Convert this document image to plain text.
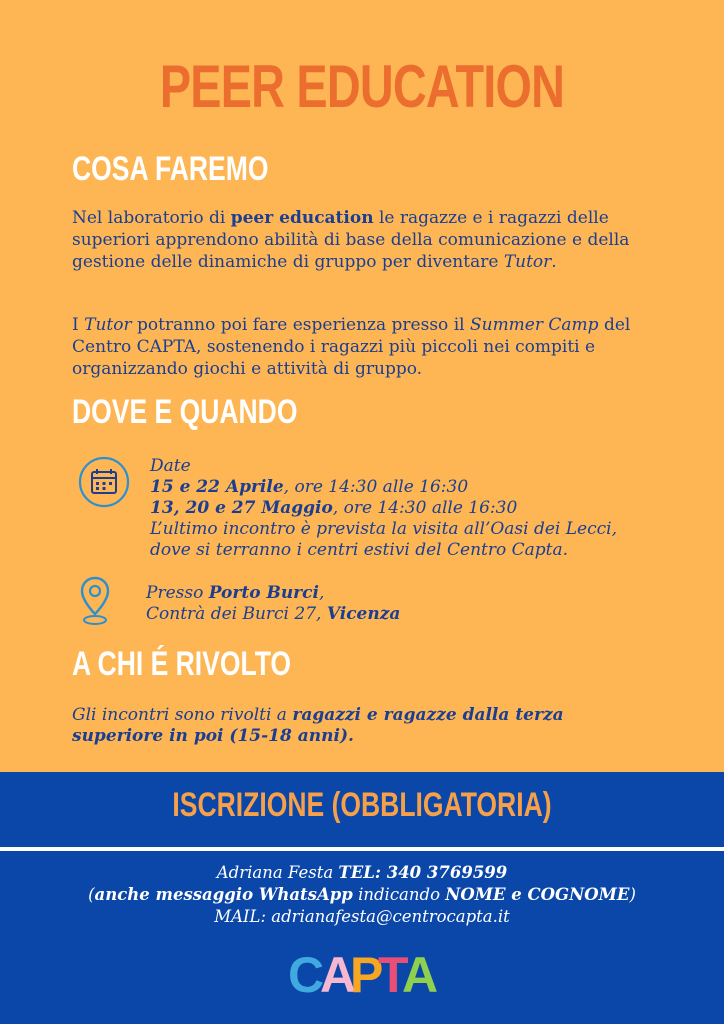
PEER EDUCATION
COSA FAREMO
Nel laboratorio di peer education le ragazze e i ragazzi delle superiori apprendono abilità di base della comunicazione e della gestione delle dinamiche di gruppo per diventare Tutor.
I Tutor potranno poi fare esperienza presso il Summer Camp del Centro CAPTA, sostenendo i ragazzi più piccoli nei compiti e organizzando giochi e attività di gruppo.
DOVE E QUANDO
Date
15 e 22 Aprile, ore 14:30 alle 16:30
13, 20 e 27 Maggio, ore 14:30 alle 16:30
L’ultimo incontro è prevista la visita all’Oasi dei Lecci,
dove si terranno i centri estivi del Centro Capta.
Presso Porto Burci,
Contrà dei Burci 27, Vicenza
A CHI É RIVOLTO
Gli incontri sono rivolti a ragazzi e ragazze dalla terza superiore in poi (15-18 anni).
ISCRIZIONE (OBBLIGATORIA)
Adriana Festa TEL: 340 3769599
(anche messaggio WhatsApp indicando NOME e COGNOME)
MAIL: adrianafesta@centrocapta.it
C
A
P
T
A
